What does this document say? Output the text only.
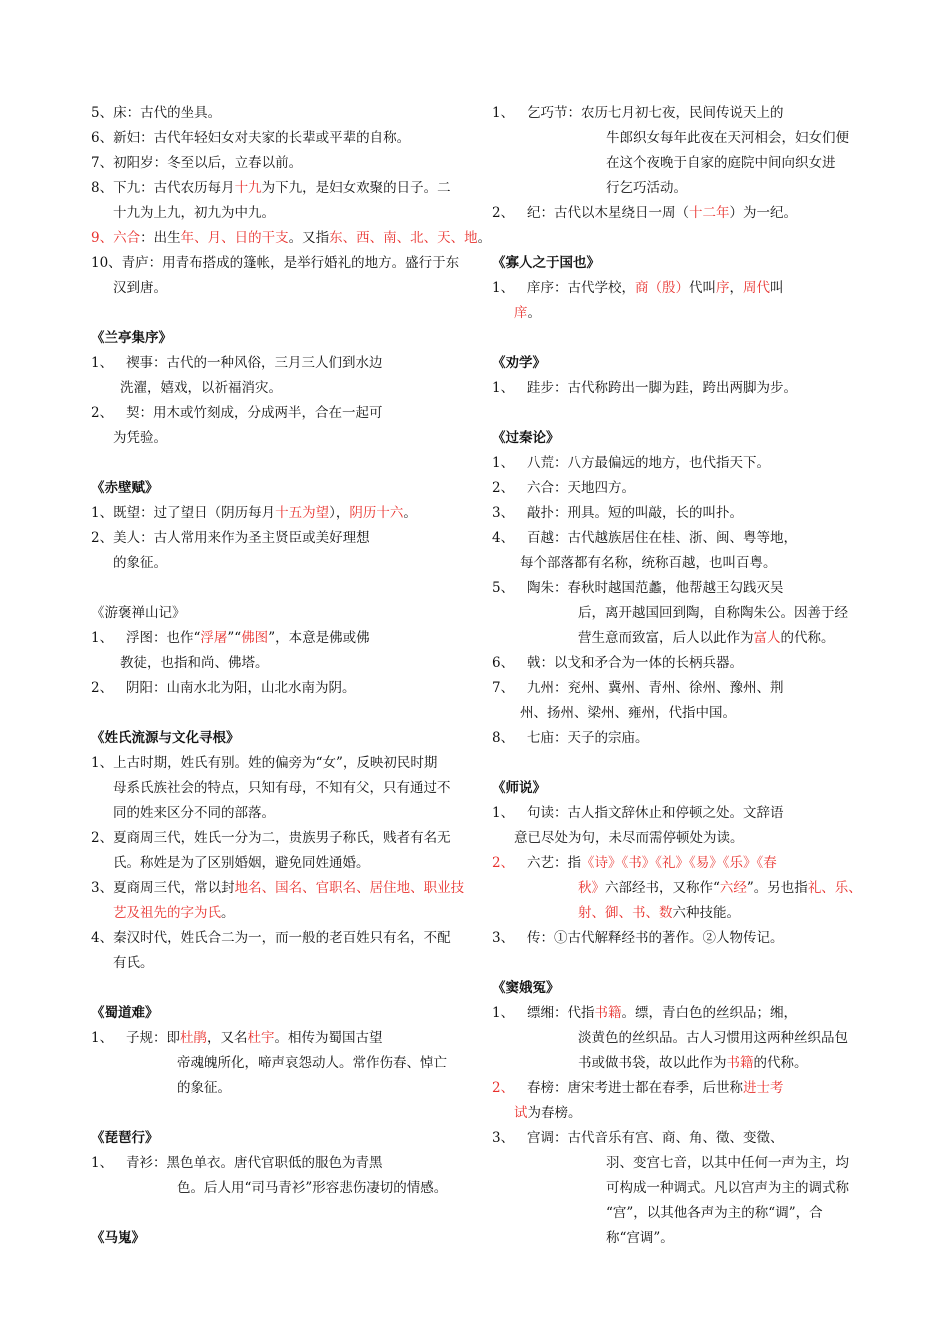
5、床：古代的坐具。
6、新妇：古代年轻妇女对夫家的长辈或平辈的自称。
7、初阳岁：冬至以后，立春以前。
8、下九：古代农历每月十九为下九，是妇女欢聚的日子。二
十九为上九，初九为中九。
9、六合：出生年、月、日的干支。又指东、西、南、北、天、地。
10、青庐：用青布搭成的篷帐，是举行婚礼的地方。盛行于东
汉到唐。
《兰亭集序》
1、   禊事：古代的一种风俗，三月三人们到水边
洗濯，嬉戏，以祈福消灾。
2、   契：用木或竹刻成，分成两半，合在一起可
为凭验。
《赤壁赋》
1、既望：过了望日（阴历每月十五为望），阴历十六。
2、美人：古人常用来作为圣主贤臣或美好理想
的象征。
《游褒禅山记》
1、   浮图：也作“浮屠”“佛图”，本意是佛或佛
教徒，也指和尚、佛塔。
2、   阴阳：山南水北为阳，山北水南为阴。
《姓氏流源与文化寻根》
1、上古时期，姓氏有别。姓的偏旁为“女”，反映初民时期
母系氏族社会的特点，只知有母，不知有父，只有通过不
同的姓来区分不同的部落。
2、夏商周三代，姓氏一分为二，贵族男子称氏，贱者有名无
氏。称姓是为了区别婚姻，避免同姓通婚。
3、夏商周三代，常以封地名、国名、官职名、居住地、职业技
艺及祖先的字为氏。
4、秦汉时代，姓氏合二为一，而一般的老百姓只有名，不配
有氏。
《蜀道难》
1、   子规：即杜鹃，又名杜宇。相传为蜀国古望
帝魂魄所化，啼声哀怨动人。常作伤春、悼亡
的象征。
《琵琶行》
1、   青衫：黑色单衣。唐代官职低的服色为青黑
色。后人用“司马青衫”形容悲伤凄切的情感。
《马嵬》
1、   乞巧节：农历七月初七夜，民间传说天上的
牛郎织女每年此夜在天河相会，妇女们便
在这个夜晚于自家的庭院中间向织女进
行乞巧活动。
2、   纪：古代以木星绕日一周（十二年）为一纪。
《寡人之于国也》
1、   庠序：古代学校，商（殷）代叫序，周代叫
庠。
《劝学》
1、   跬步：古代称跨出一脚为跬，跨出两脚为步。
《过秦论》
1、   八荒：八方最偏远的地方，也代指天下。
2、   六合：天地四方。
3、   敲扑：刑具。短的叫敲，长的叫扑。
4、   百越：古代越族居住在桂、浙、闽、粤等地，
每个部落都有名称，统称百越，也叫百粤。
5、   陶朱：春秋时越国范蠡，他帮越王勾践灭吴
后，离开越国回到陶，自称陶朱公。因善于经
营生意而致富，后人以此作为富人的代称。
6、   戟：以戈和矛合为一体的长柄兵器。
7、   九州：兖州、冀州、青州、徐州、豫州、荆
州、扬州、梁州、雍州，代指中国。
8、   七庙：天子的宗庙。
《师说》
1、   句读：古人指文辞休止和停顿之处。文辞语
意已尽处为句，未尽而需停顿处为读。
2、   六艺：指《诗》《书》《礼》《易》《乐》《春
秋》六部经书，又称作“六经”。另也指礼、乐、
射、御、书、数六种技能。
3、   传：①古代解释经书的著作。②人物传记。
《窦娥冤》
1、   缥缃：代指书籍。缥，青白色的丝织品；缃，
淡黄色的丝织品。古人习惯用这两种丝织品包
书或做书袋，故以此作为书籍的代称。
2、   春榜：唐宋考进士都在春季，后世称进士考
试为春榜。
3、   宫调：古代音乐有宫、商、角、徵、变徵、
羽、变宫七音，以其中任何一声为主，均
可构成一种调式。凡以宫声为主的调式称
“宫”，以其他各声为主的称“调”，合
称“宫调”。
